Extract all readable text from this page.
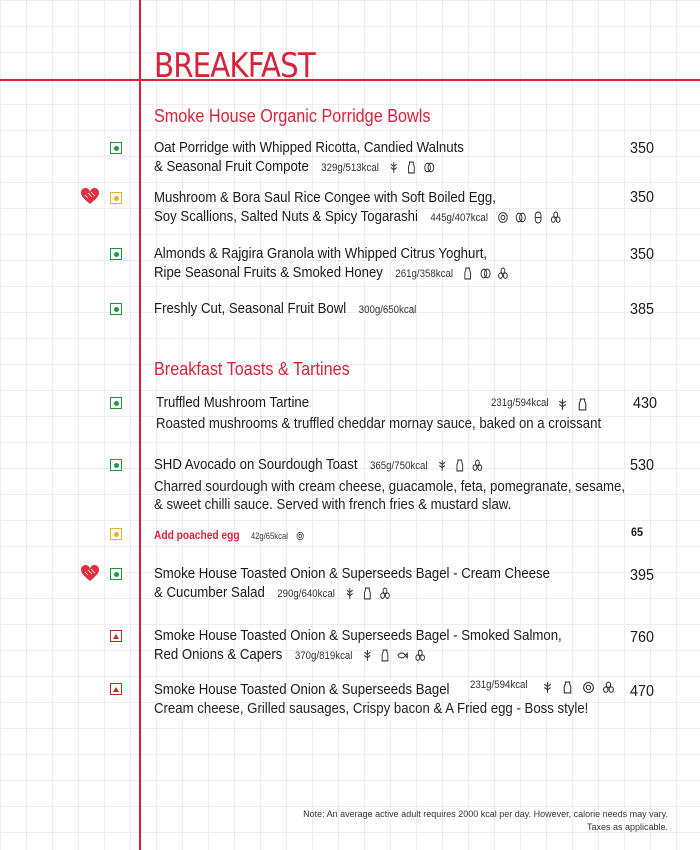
BREAKFAST
Smoke House Organic Porridge Bowls
Oat Porridge with Whipped Ricotta, Candied Walnuts
& Seasonal Fruit Compote 329g/513kcal
350
Mushroom & Bora Saul Rice Congee with Soft Boiled Egg,
Soy Scallions, Salted Nuts & Spicy Togarashi 445g/407kcal
350
Almonds & Rajgira Granola with Whipped Citrus Yoghurt,
Ripe Seasonal Fruits & Smoked Honey 261g/358kcal
350
Freshly Cut, Seasonal Fruit Bowl 300g/650kcal	385
Breakfast Toasts & Tartines
Truffled Mushroom Tartine	231g/594kcal

Roasted mushrooms & truffled cheddar mornay sauce, baked on a croissant
430
SHD Avocado on Sourdough Toast 365g/750kcal
Charred sourdough with cream cheese, guacamole, feta, pomegranate, sesame,
& sweet chilli sauce. Served with french fries & mustard slaw.
530
Add poached egg 42g/65kcal	65
Smoke House Toasted Onion & Superseeds Bagel - Cream Cheese
& Cucumber Salad 290g/640kcal
395
Smoke House Toasted Onion & Superseeds Bagel - Smoked Salmon,
Red Onions & Capers 370g/819kcal
760
Smoke House Toasted Onion & Superseeds Bagel 231g/594kcal

Cream cheese, Grilled sausages, Crispy bacon & A Fried egg - Boss style!
470
Note: An average active adult requires 2000 kcal per day. However, calorie needs may vary.
Taxes as applicable.
